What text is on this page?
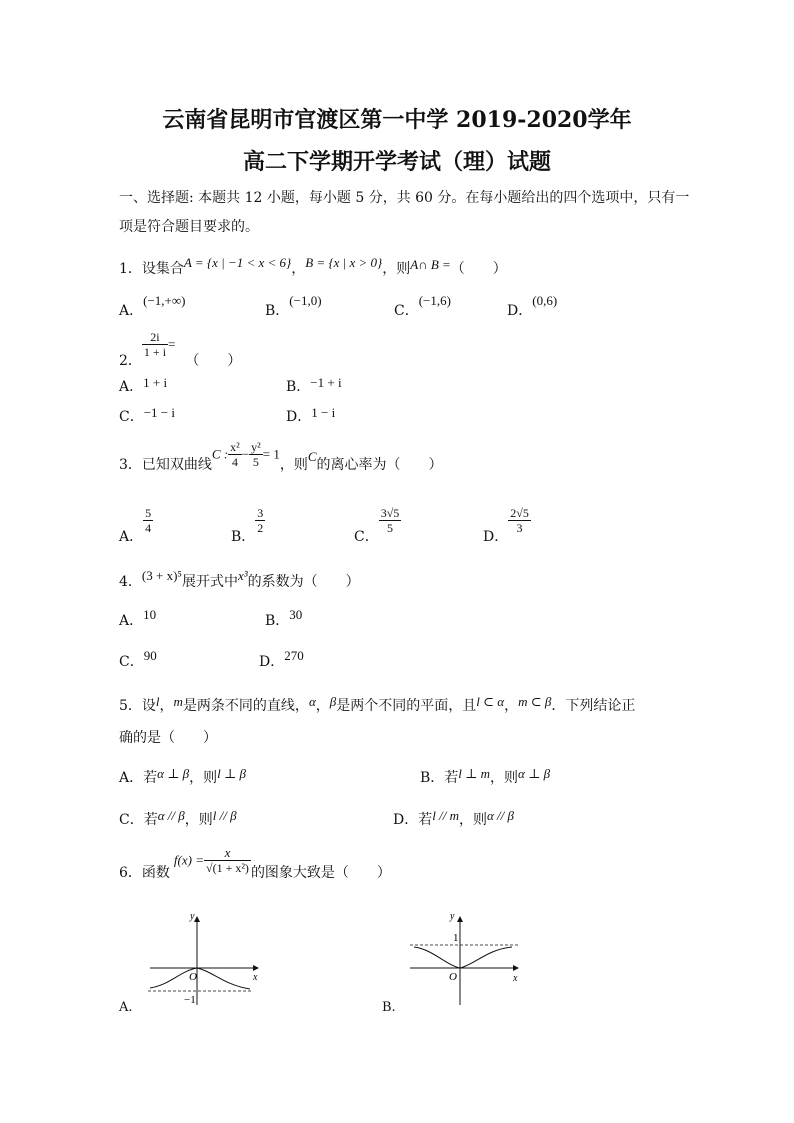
云南省昆明市官渡区第一中学 2019-2020学年
高二下学期开学考试（理）试题
一、选择题: 本题共 12 小题，每小题 5 分，共 60 分。在每小题给出的四个选项中，只有一
项是符合题目要求的。
1．设集合A = {x | −1 < x < 6}，B = {x | x > 0}，则A∩ B =（　　）
A．(−1,+∞)
B．(−1,0)
C．(−1,6)
D．(0,6)
2．
$\frac{2i}{1 + i}$ =（　　）
A．1 + i	B．−1 + i
C．−1 − i	D．1 − i
3．已知双曲线C : $\frac{\text{x²}}{4} - \frac{\text{y²}}{5} = 1$，则C的离心率为（　　）
A．
$\frac{5}{4}$
B．
$\frac{3}{2}$
C．
$\frac{3√5}{5}$
D．
$\frac{2√5}{3}$
4．(3 + x)⁵展开式中x³的系数为（　　）
A．10	B．30
C．90	D．270
5．设l，m是两条不同的直线，α，β是两个不同的平面，且l ⊂ α，m ⊂ β．下列结论正
确的是（　　）
A．若α ⊥ β，则l ⊥ β	B．若l ⊥ m，则α ⊥ β
C．若α // β，则l // β	D．若l // m，则α // β
6．函数$f(x) = \frac{x}{\text{√(1 + x²)}}$ 的图象大致是（　　）
y
x
O
−1
A.
y
x
O
1
B.
